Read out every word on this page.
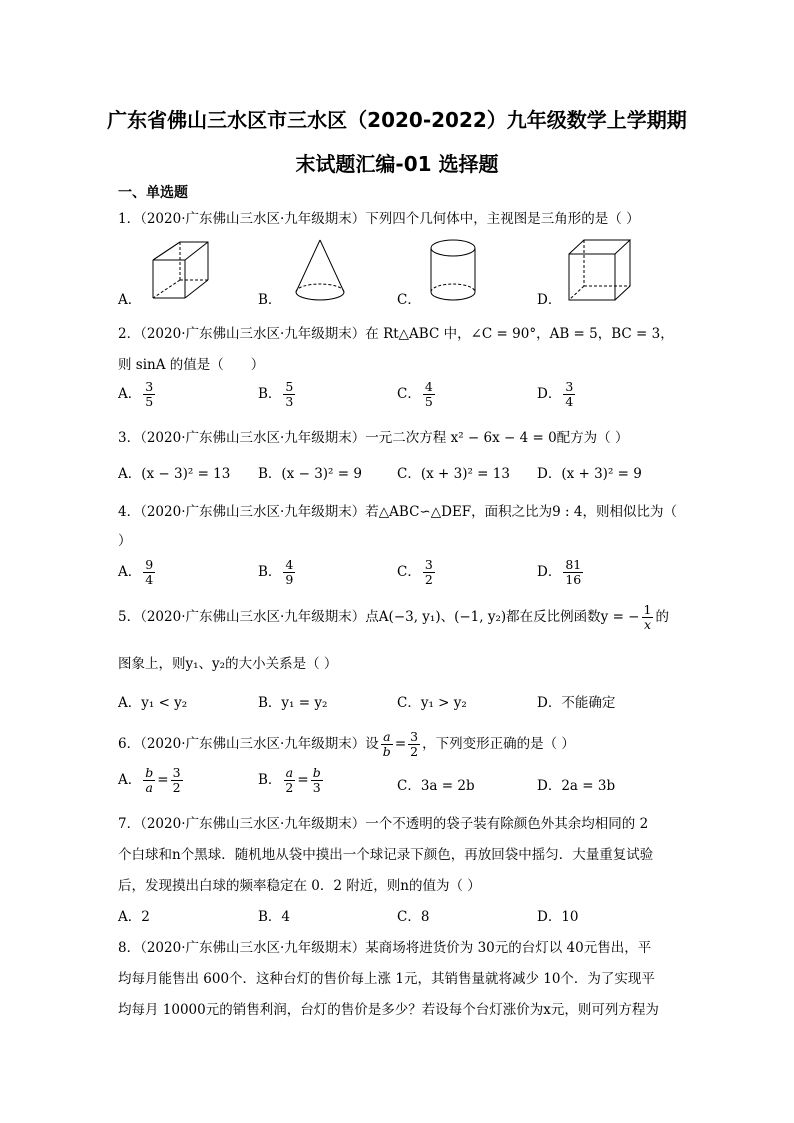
广东省佛山三水区市三水区（2020-2022）九年级数学上学期期
末试题汇编-01 选择题
一、单选题
1．（2020·广东佛山三水区·九年级期末）下列四个几何体中，主视图是三角形的是（ ）
A．	B．	C．	D．
2．（2020·广东佛山三水区·九年级期末）在 Rt△ABC 中，∠C = 90°，AB = 5，BC = 3，
则 sinA 的值是（　　）
A． $\frac{3}{5}$	B． $\frac{5}{3}$	C． $\frac{4}{5}$	D． $\frac{3}{4}$
3．（2020·广东佛山三水区·九年级期末）一元二次方程 x² − 6x − 4 = 0配方为（ ）
A．(x − 3)² = 13 B．(x − 3)² = 9	C．(x + 3)² = 13 D．(x + 3)² = 9
4．（2020·广东佛山三水区·九年级期末）若△ABC∽△DEF，面积之比为9 : 4，则相似比为（
）
A． $\frac{9}{4}$	B． $\frac{4}{9}$	C． $\frac{3}{2}$	D． $\frac{81}{16}$
5．（2020·广东佛山三水区·九年级期末）点A(−3, y₁)、(−1, y₂)都在反比例函数y = − $\frac{1}{x}$ 的
图象上，则y₁、y₂的大小关系是（ ）
A．y₁ < y₂	B．y₁ = y₂	C．y₁ > y₂	D．不能确定
6．（2020·广东佛山三水区·九年级期末）设 $\frac{a}{b} = \frac{3}{2}$ ，下列变形正确的是（ ）
A． $\frac{b}{a} = \frac{3}{2}$	B． $\frac{a}{2} = \frac{b}{3}$	C．3a = 2b	D．2a = 3b
7．（2020·广东佛山三水区·九年级期末）一个不透明的袋子装有除颜色外其余均相同的 2
个白球和n个黑球．随机地从袋中摸出一个球记录下颜色，再放回袋中摇匀．大量重复试验
后，发现摸出白球的频率稳定在 0．2 附近，则n的值为（ ）
A．2	B．4	C．8	D．10
8．（2020·广东佛山三水区·九年级期末）某商场将进货价为 30元的台灯以 40元售出，平
均每月能售出 600个．这种台灯的售价每上涨 1元，其销售量就将减少 10个．为了实现平
均每月 10000元的销售利润，台灯的售价是多少？若设每个台灯涨价为x元，则可列方程为
